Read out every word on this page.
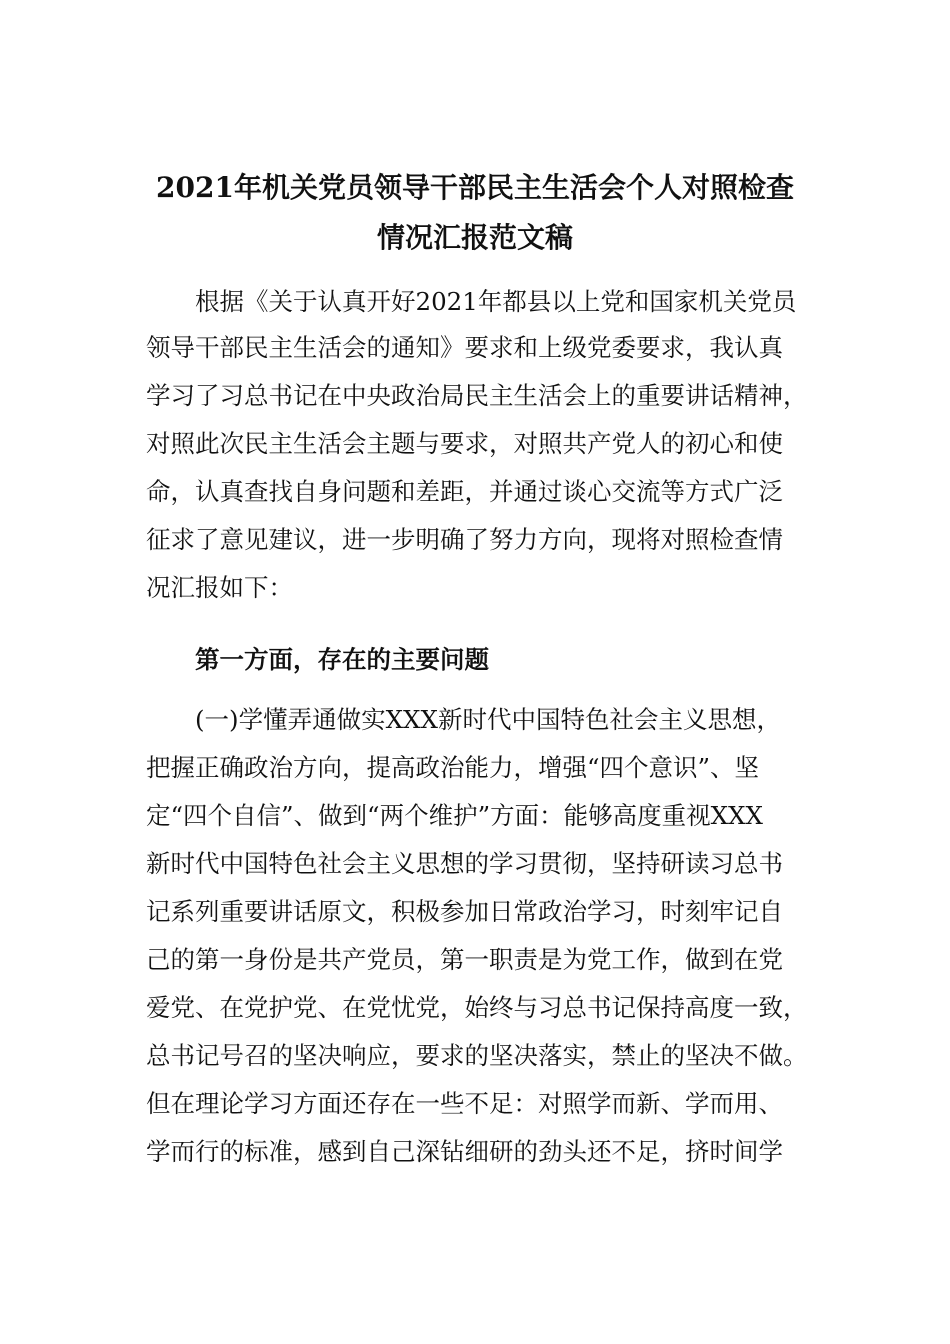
2021年机关党员领导干部民主生活会个人对照检查
情况汇报范文稿
根据《关于认真开好2021年都县以上党和国家机关党员
领导干部民主生活会的通知》要求和上级党委要求，我认真
学习了习总书记在中央政治局民主生活会上的重要讲话精神，
对照此次民主生活会主题与要求，对照共产党人的初心和使
命，认真查找自身问题和差距，并通过谈心交流等方式广泛
征求了意见建议，进一步明确了努力方向，现将对照检查情
况汇报如下：
第一方面，存在的主要问题
(一)学懂弄通做实XXX新时代中国特色社会主义思想，
把握正确政治方向，提高政治能力，增强“四个意识”、坚
定“四个自信”、做到“两个维护”方面：能够高度重视XXX
新时代中国特色社会主义思想的学习贯彻，坚持研读习总书
记系列重要讲话原文，积极参加日常政治学习，时刻牢记自
己的第一身份是共产党员，第一职责是为党工作，做到在党
爱党、在党护党、在党忧党，始终与习总书记保持高度一致，
总书记号召的坚决响应，要求的坚决落实，禁止的坚决不做。
但在理论学习方面还存在一些不足：对照学而新、学而用、
学而行的标准，感到自己深钻细研的劲头还不足，挤时间学
